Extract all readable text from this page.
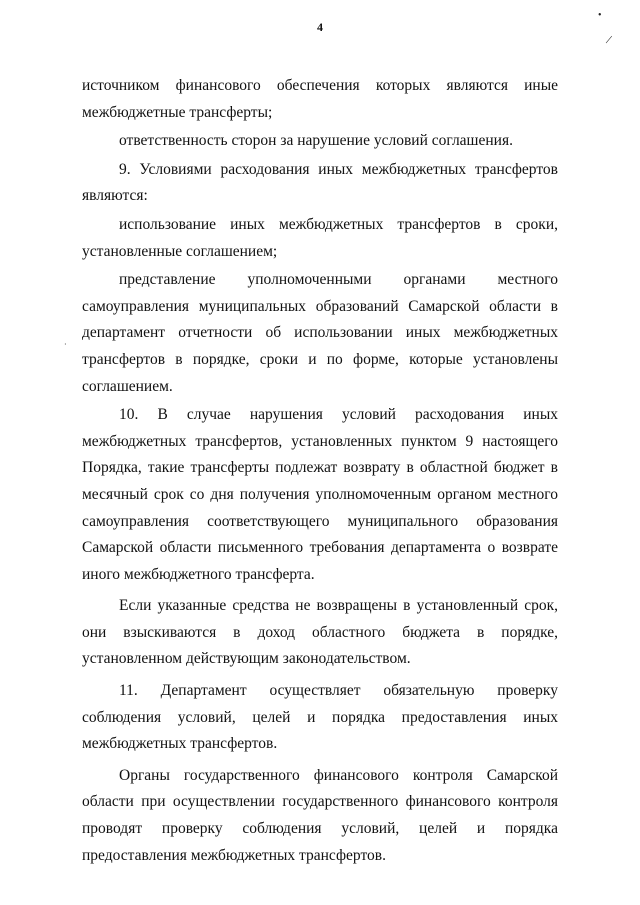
•
|
·
4

источником финансового обеспечения которых являются иные межбюджетные трансферты;

ответственность сторон за нарушение условий соглашения.

9. Условиями расходования иных межбюджетных трансфертов являются:

использование иных межбюджетных трансфертов в сроки, установленные соглашением;

представление уполномоченными органами местного самоуправления муниципальных образований Самарской области в департамент отчетности об использовании иных межбюджетных трансфертов в порядке, сроки и по форме, которые установлены соглашением.

10. В случае нарушения условий расходования иных межбюджетных трансфертов, установленных пунктом 9 настоящего Порядка, такие трансферты подлежат возврату в областной бюджет в месячный срок со дня получения уполномоченным органом местного самоуправления соответствующего муниципального образования Самарской области письменного требования департамента о возврате иного межбюджетного трансферта.

Если указанные средства не возвращены в установленный срок, они взыскиваются в доход областного бюджета в порядке, установленном действующим законодательством.

11. Департамент осуществляет обязательную проверку соблюдения условий, целей и порядка предоставления иных межбюджетных трансфертов.

Органы государственного финансового контроля Самарской области при осуществлении государственного финансового контроля проводят проверку соблюдения условий, целей и порядка предоставления межбюджетных трансфертов.
